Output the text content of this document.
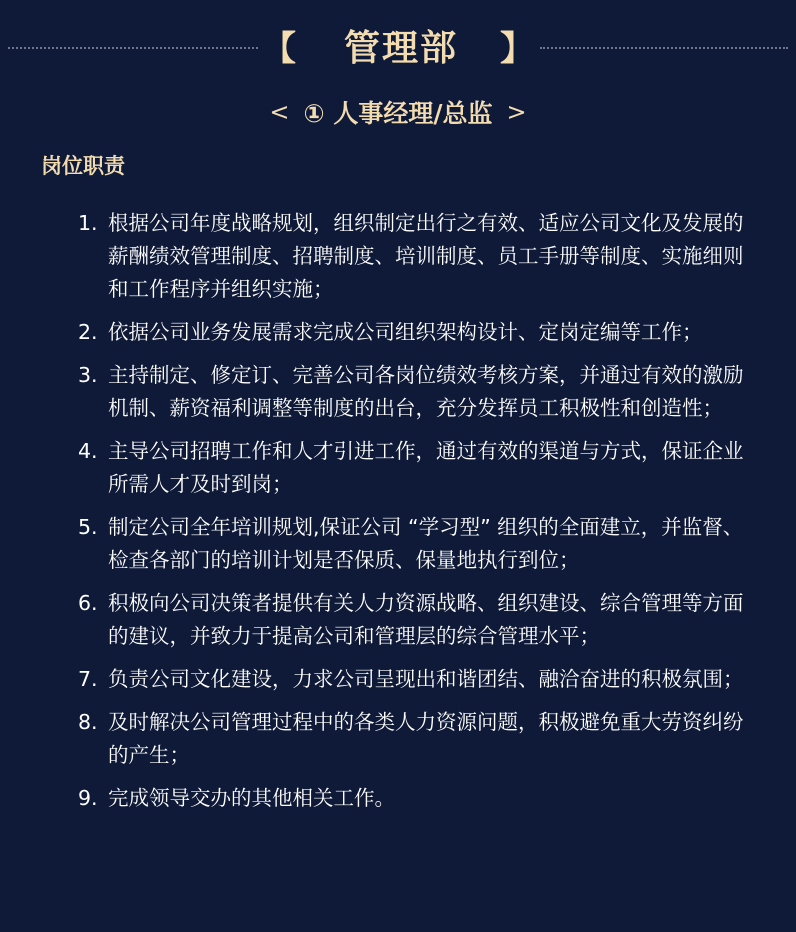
【 管理部 】
< ① 人事经理/总监 >
岗位职责
1. 根据公司年度战略规划，组织制定出行之有效、适应公司文化及发展的薪酬绩效管理制度、招聘制度、培训制度、员工手册等制度、实施细则和工作程序并组织实施；
2. 依据公司业务发展需求完成公司组织架构设计、定岗定编等工作；
3. 主持制定、修定订、完善公司各岗位绩效考核方案，并通过有效的激励机制、薪资福利调整等制度的出台，充分发挥员工积极性和创造性；
4. 主导公司招聘工作和人才引进工作，通过有效的渠道与方式，保证企业所需人才及时到岗；
5. 制定公司全年培训规划,保证公司 “学习型” 组织的全面建立，并监督、检查各部门的培训计划是否保质、保量地执行到位；
6. 积极向公司决策者提供有关人力资源战略、组织建设、综合管理等方面的建议，并致力于提高公司和管理层的综合管理水平；
7. 负责公司文化建设，力求公司呈现出和谐团结、融洽奋进的积极氛围；
8. 及时解决公司管理过程中的各类人力资源问题，积极避免重大劳资纠纷的产生；
9. 完成领导交办的其他相关工作。
